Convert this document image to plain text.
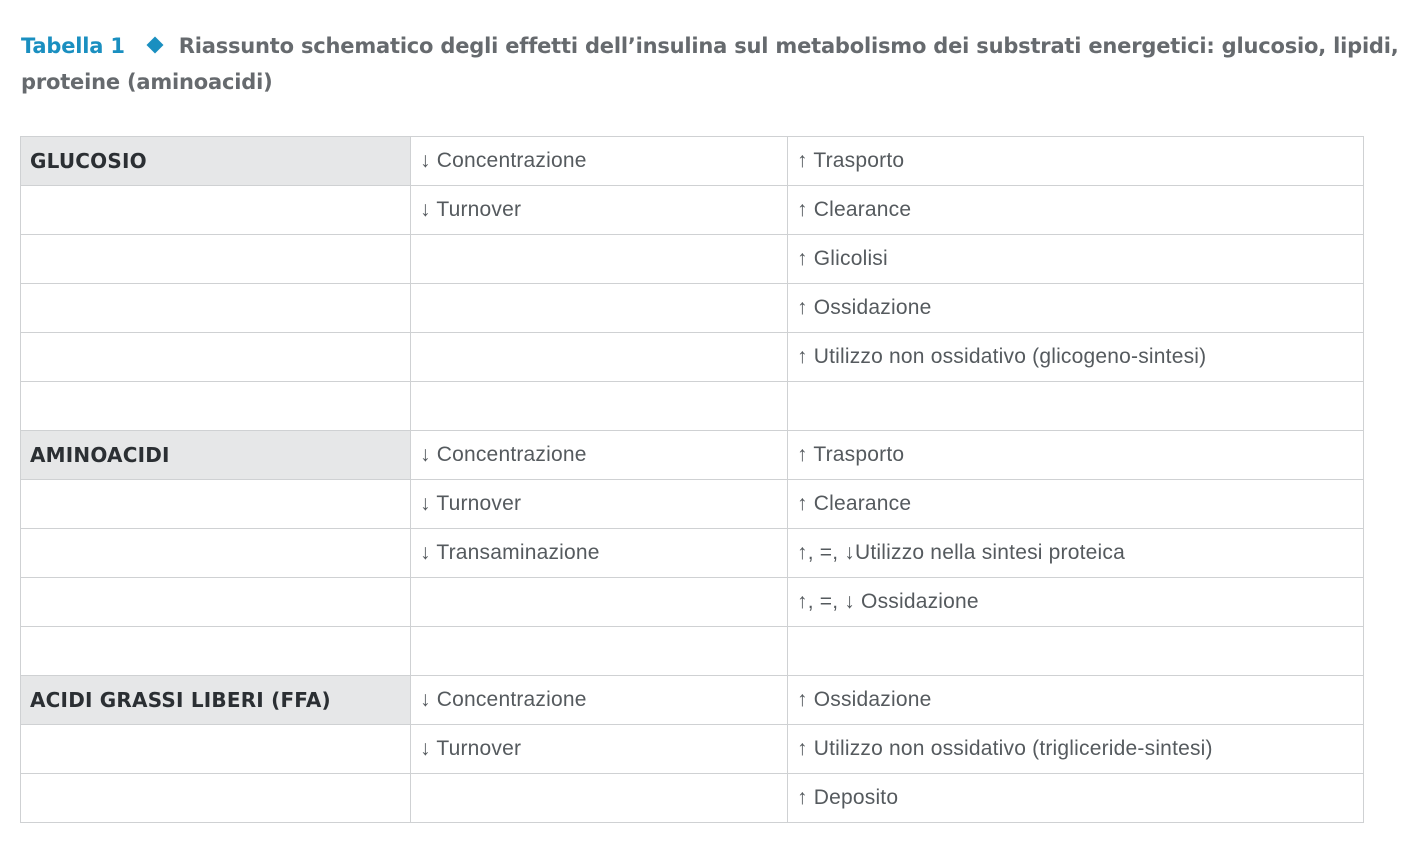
Tabella 1	Riassunto schematico degli effetti dell’insulina sul metabolismo dei substrati energetici: glucosio, lipidi, proteine (aminoacidi)
GLUCOSIO	↓ Concentrazione	↑ Trasporto
	↓ Turnover	↑ Clearance
		↑ Glicolisi
		↑ Ossidazione
		↑ Utilizzo non ossidativo (glicogeno-sintesi)

AMINOACIDI	↓ Concentrazione	↑ Trasporto
	↓ Turnover	↑ Clearance
	↓ Transaminazione	↑, =, ↓Utilizzo nella sintesi proteica
		↑, =, ↓ Ossidazione

ACIDI GRASSI LIBERI (FFA)	↓ Concentrazione	↑ Ossidazione
	↓ Turnover	↑ Utilizzo non ossidativo (trigliceride-sintesi)
		↑ Deposito
